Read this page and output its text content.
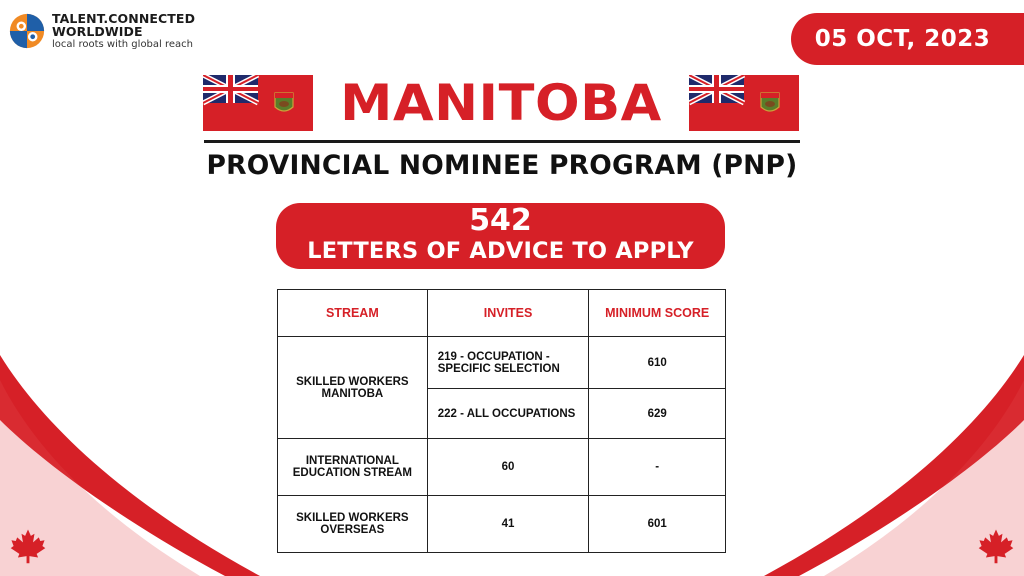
TALENT.CONNECTED
WORLDWIDE
local roots with global reach	05 OCT, 2023
MANITOBA
PROVINCIAL NOMINEE PROGRAM (PNP)
542
LETTERS OF ADVICE TO APPLY
STREAM	INVITES	MINIMUM SCORE
SKILLED WORKERS MANITOBA	219 - OCCUPATION - SPECIFIC SELECTION	610
	222 - ALL OCCUPATIONS	629
INTERNATIONAL EDUCATION STREAM	60	-
SKILLED WORKERS OVERSEAS	41	601
